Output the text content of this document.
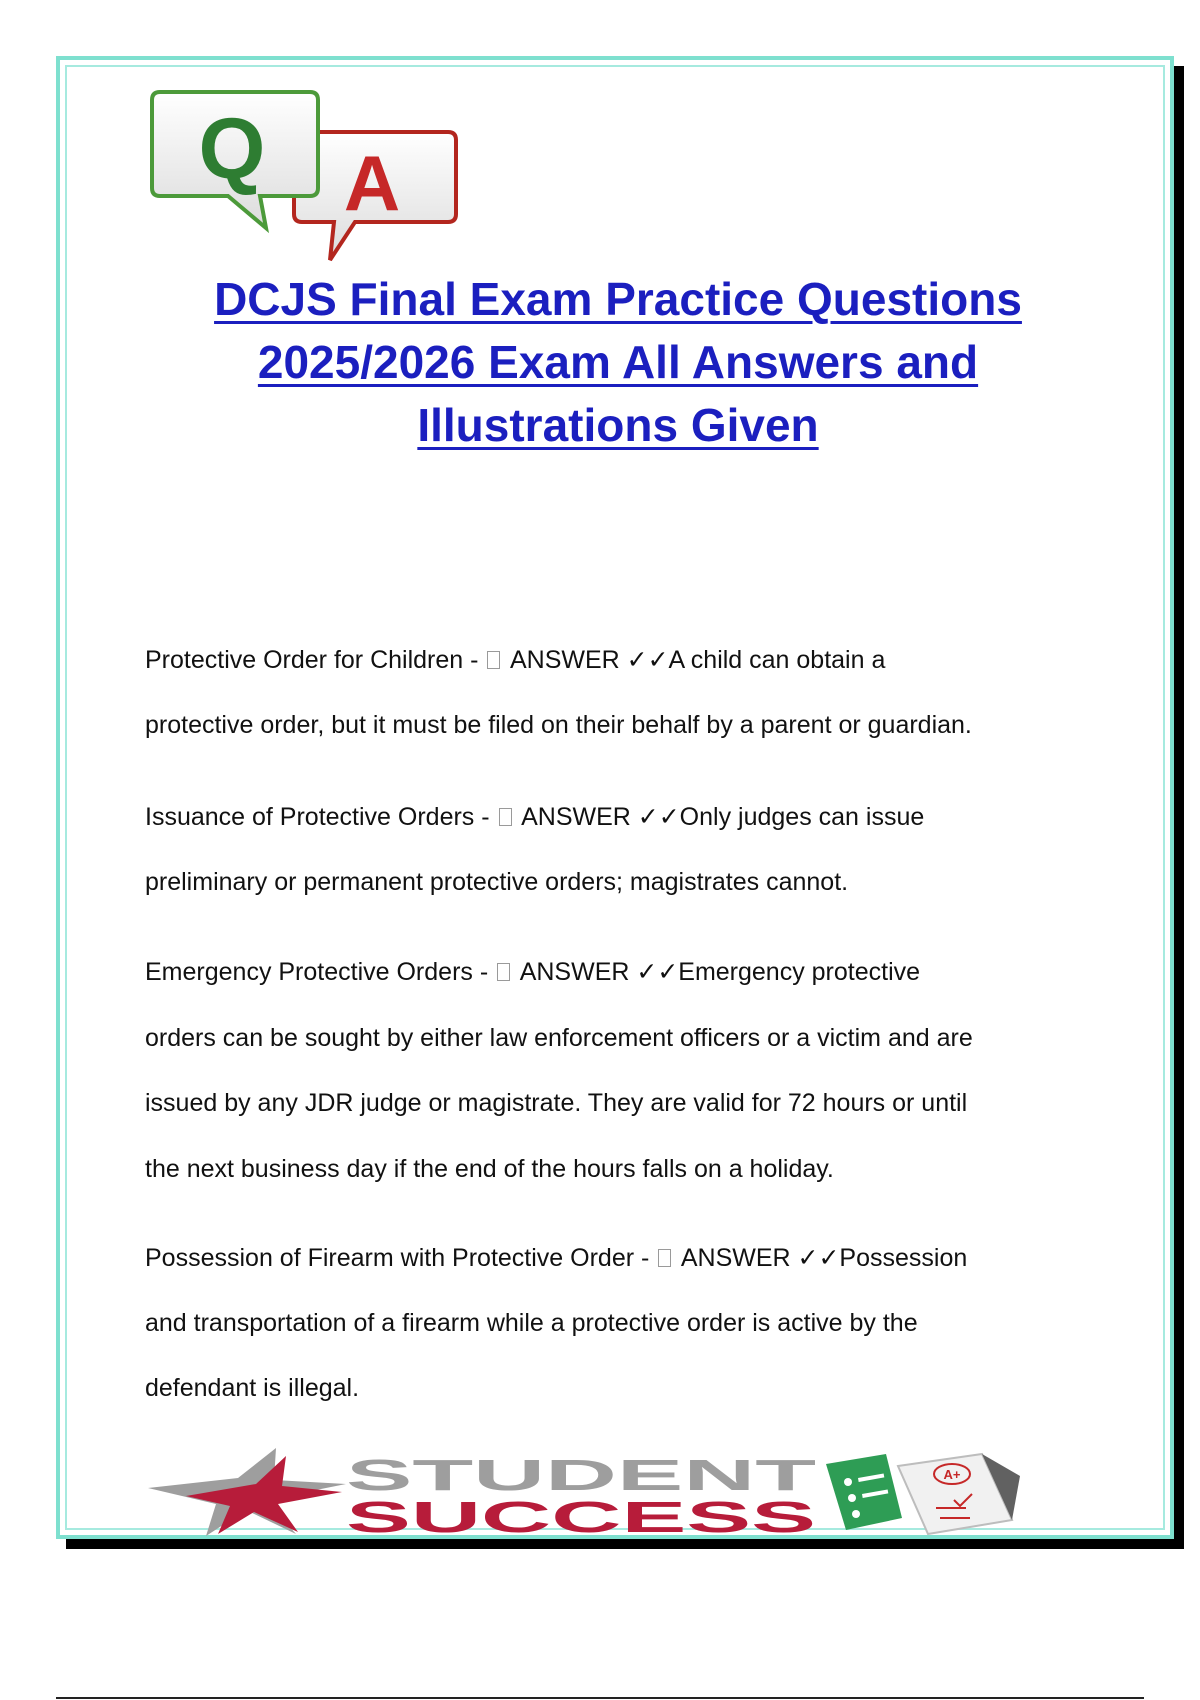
A
Q
DCJS Final Exam Practice Questions
2025/2026 Exam All Answers and
Illustrations Given
Protective Order for Children -  ANSWER ✓✓A child can obtain a
protective order, but it must be filed on their behalf by a parent or guardian.
Issuance of Protective Orders -  ANSWER ✓✓Only judges can issue
preliminary or permanent protective orders; magistrates cannot.
Emergency Protective Orders -  ANSWER ✓✓Emergency protective
orders can be sought by either law enforcement officers or a victim and are
issued by any JDR judge or magistrate. They are valid for 72 hours or until
the next business day if the end of the hours falls on a holiday.
Possession of Firearm with Protective Order -  ANSWER ✓✓Possession
and transportation of a firearm while a protective order is active by the
defendant is illegal.
STUDENT
SUCCESS
A+
